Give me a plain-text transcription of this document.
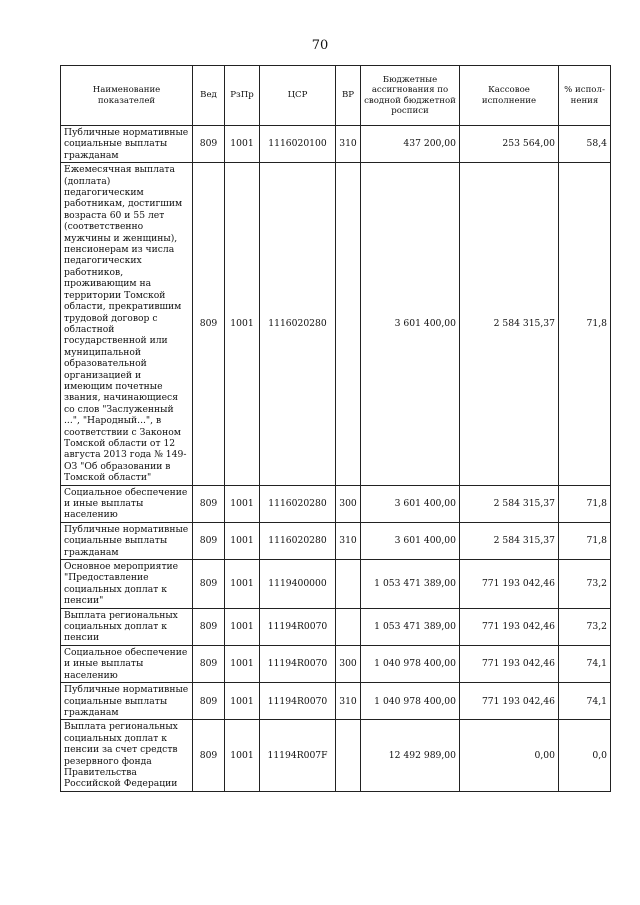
70
Наименование показателей	Вед	РзПр	ЦСР	ВР	Бюджетные ассигнования по сводной бюджетной росписи	Кассовое исполнение	% испол-нения
Публичные нормативные социальные выплаты гражданам	809	1001	1116020100	310	437 200,00	253 564,00	58,4
Ежемесячная выплата (доплата) педагогическим работникам, достигшим возраста 60 и 55 лет (соответственно мужчины и женщины), пенсионерам из числа педагогических работников, проживающим на территории Томской области, прекратившим трудовой договор с областной государственной или муниципальной образовательной организацией и имеющим почетные звания, начинающиеся со слов "Заслуженный ...", "Народный...", в соответствии с Законом Томской области от 12 августа 2013 года № 149-ОЗ "Об образовании в Томской области"	809	1001	1116020280		3 601 400,00	2 584 315,37	71,8
Социальное обеспечение и иные выплаты населению	809	1001	1116020280	300	3 601 400,00	2 584 315,37	71,8
Публичные нормативные социальные выплаты гражданам	809	1001	1116020280	310	3 601 400,00	2 584 315,37	71,8
Основное мероприятие "Предоставление социальных доплат к пенсии"	809	1001	1119400000		1 053 471 389,00	771 193 042,46	73,2
Выплата региональных социальных доплат к пенсии	809	1001	11194R0070		1 053 471 389,00	771 193 042,46	73,2
Социальное обеспечение и иные выплаты населению	809	1001	11194R0070	300	1 040 978 400,00	771 193 042,46	74,1
Публичные нормативные социальные выплаты гражданам	809	1001	11194R0070	310	1 040 978 400,00	771 193 042,46	74,1
Выплата региональных социальных доплат к пенсии за счет средств резервного фонда Правительства Российской Федерации	809	1001	11194R007F		12 492 989,00	0,00	0,0
